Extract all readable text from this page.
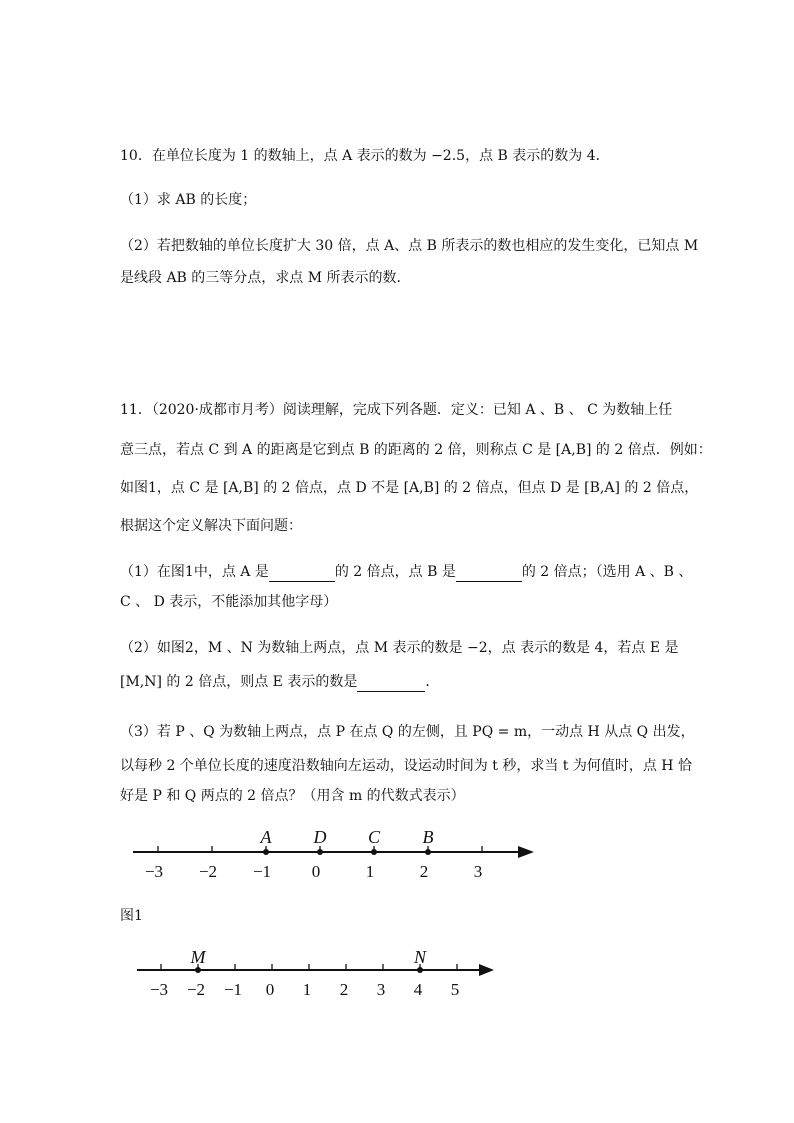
10．在单位长度为 1 的数轴上，点 A 表示的数为 −2.5，点 B 表示的数为 4．
（1）求 AB 的长度；
（2）若把数轴的单位长度扩大 30 倍，点 A、点 B 所表示的数也相应的发生变化，已知点 M
是线段 AB 的三等分点，求点 M 所表示的数．
11．（2020·成都市月考）阅读理解，完成下列各题．定义：已知 A 、B 、 C 为数轴上任
意三点，若点 C 到 A 的距离是它到点 B 的距离的 2 倍，则称点 C 是 [A,B] 的 2 倍点．例如：
如图1，点 C 是 [A,B] 的 2 倍点，点 D 不是 [A,B] 的 2 倍点，但点 D 是 [B,A] 的 2 倍点，
根据这个定义解决下面问题：
（1）在图1中，点 A 是	的 2 倍点，点 B 是	的 2 倍点；（选用 A 、B 、
C 、 D 表示，不能添加其他字母）
（2）如图2，M 、N 为数轴上两点，点 M 表示的数是 −2，点 表示的数是 4，若点 E 是
[M,N] 的 2 倍点，则点 E 表示的数是	．
（3）若 P 、Q 为数轴上两点，点 P 在点 Q 的左侧，且 PQ = m，一动点 H 从点 Q 出发，
以每秒 2 个单位长度的速度沿数轴向左运动，设运动时间为 t 秒，求当 t 为何值时，点 H 恰
好是 P 和 Q 两点的 2 倍点？（用含 m 的代数式表示）
−3 −2 −1 0	1	2	3
A D C B
图1
−3 −2 −1 0 1 2 3 4 5
M	N
